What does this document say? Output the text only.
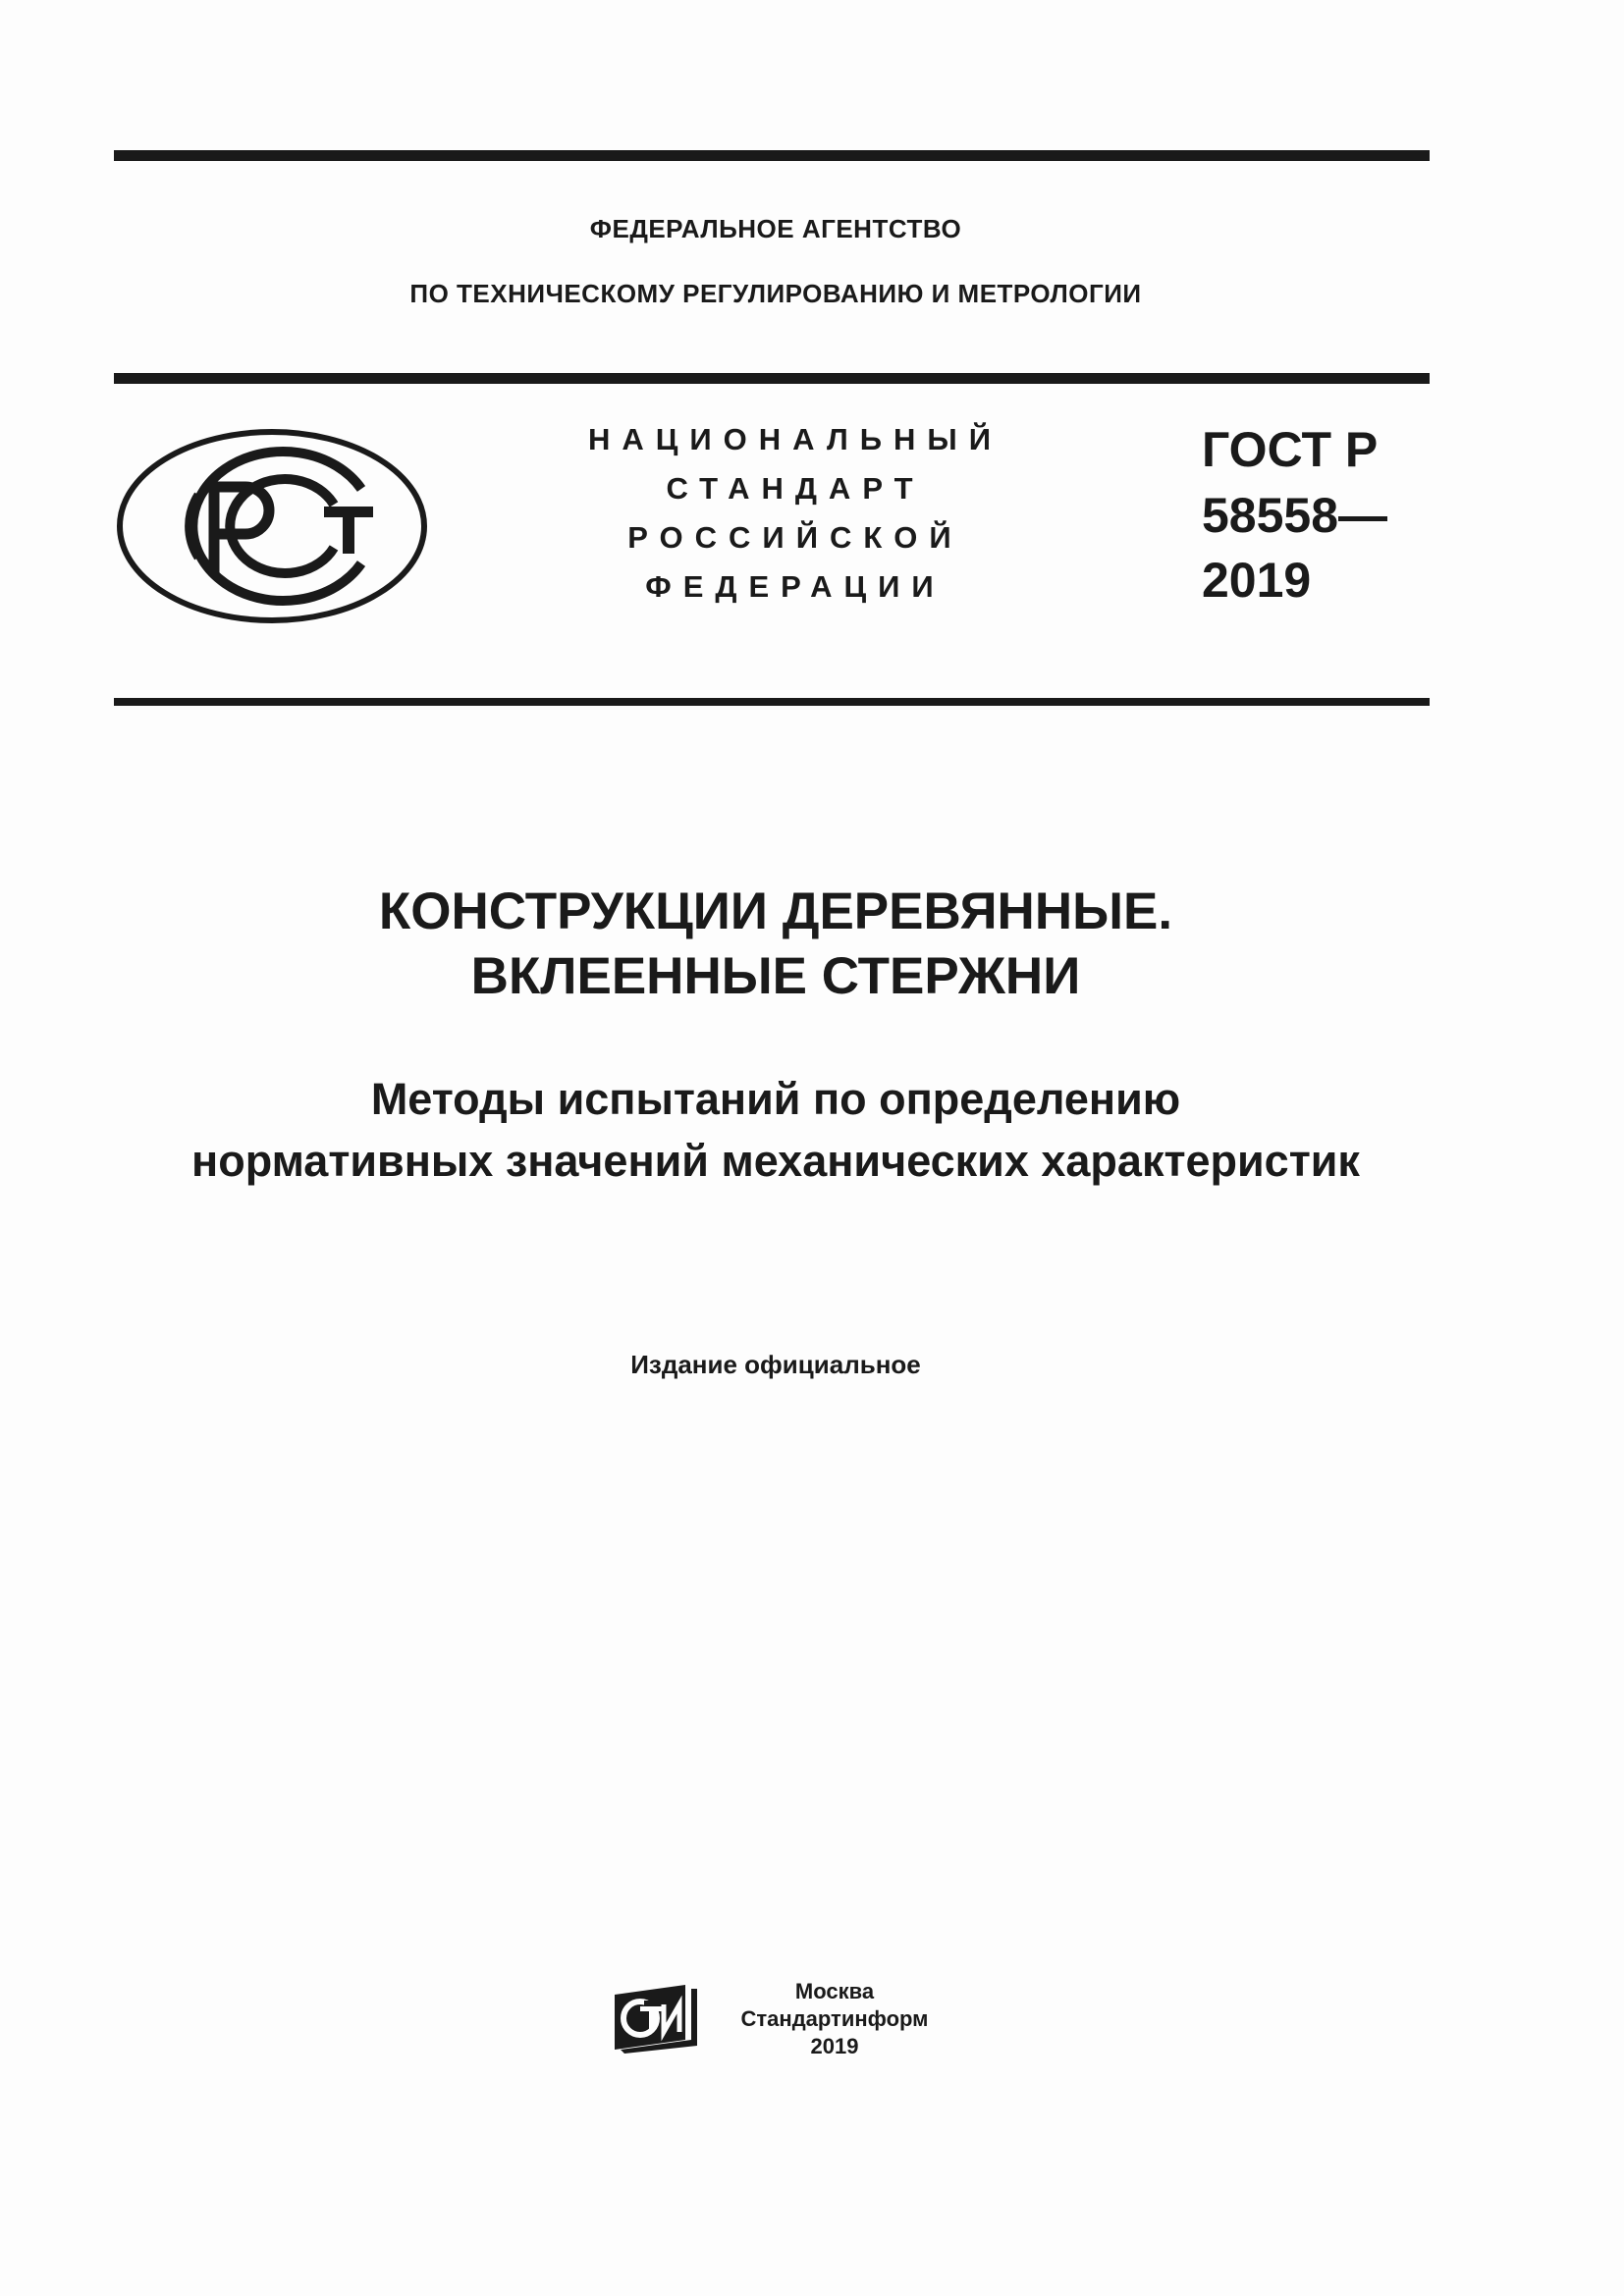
ФЕДЕРАЛЬНОЕ АГЕНТСТВО
ПО ТЕХНИЧЕСКОМУ РЕГУЛИРОВАНИЮ И МЕТРОЛОГИИ
НАЦИОНАЛЬНЫЙ
СТАНДАРТ
РОССИЙСКОЙ
ФЕДЕРАЦИИ
ГОСТ Р
58558—
2019
КОНСТРУКЦИИ ДЕРЕВЯННЫЕ.
ВКЛЕЕННЫЕ СТЕРЖНИ
Методы испытаний по определению
нормативных значений механических характеристик
Издание официальное
Москва
Стандартинформ
2019
